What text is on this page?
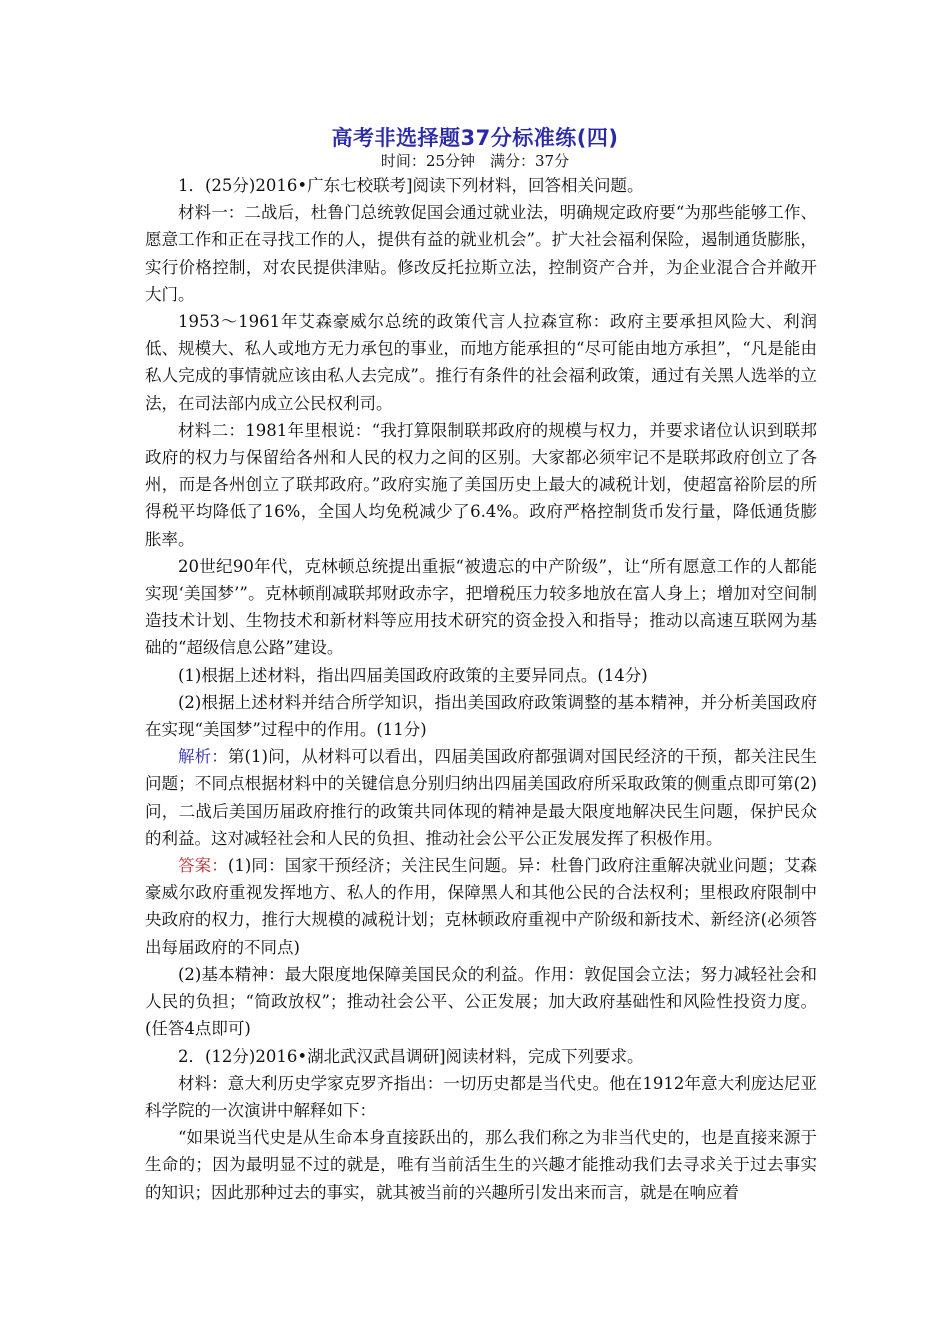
高考非选择题37分标准练(四)
时间：25分钟　满分：37分

1．(25分)2016•广东七校联考]阅读下列材料，回答相关问题。

材料一：二战后，杜鲁门总统敦促国会通过就业法，明确规定政府要“为那些能够工作、愿意工作和正在寻找工作的人，提供有益的就业机会”。扩大社会福利保险，遏制通货膨胀，实行价格控制，对农民提供津贴。修改反托拉斯立法，控制资产合并，为企业混合合并敞开大门。

1953～1961年艾森豪威尔总统的政策代言人拉森宣称：政府主要承担风险大、利润低、规模大、私人或地方无力承包的事业，而地方能承担的“尽可能由地方承担”，“凡是能由私人完成的事情就应该由私人去完成”。推行有条件的社会福利政策，通过有关黑人选举的立法，在司法部内成立公民权利司。

材料二：1981年里根说：“我打算限制联邦政府的规模与权力，并要求诸位认识到联邦政府的权力与保留给各州和人民的权力之间的区别。大家都必须牢记不是联邦政府创立了各州，而是各州创立了联邦政府。”政府实施了美国历史上最大的减税计划，使超富裕阶层的所得税平均降低了16%，全国人均免税减少了6.4%。政府严格控制货币发行量，降低通货膨胀率。

20世纪90年代，克林顿总统提出重振“被遗忘的中产阶级”，让“所有愿意工作的人都能实现‘美国梦’”。克林顿削减联邦财政赤字，把增税压力较多地放在富人身上；增加对空间制造技术计划、生物技术和新材料等应用技术研究的资金投入和指导；推动以高速互联网为基础的“超级信息公路”建设。

(1)根据上述材料，指出四届美国政府政策的主要异同点。(14分)

(2)根据上述材料并结合所学知识，指出美国政府政策调整的基本精神，并分析美国政府在实现“美国梦”过程中的作用。(11分)

解析：第(1)问，从材料可以看出，四届美国政府都强调对国民经济的干预，都关注民生问题；不同点根据材料中的关键信息分别归纳出四届美国政府所采取政策的侧重点即可第(2)问，二战后美国历届政府推行的政策共同体现的精神是最大限度地解决民生问题，保护民众的利益。这对减轻社会和人民的负担、推动社会公平公正发展发挥了积极作用。

答案：(1)同：国家干预经济；关注民生问题。异：杜鲁门政府注重解决就业问题；艾森豪威尔政府重视发挥地方、私人的作用，保障黑人和其他公民的合法权利；里根政府限制中央政府的权力，推行大规模的减税计划；克林顿政府重视中产阶级和新技术、新经济(必须答出每届政府的不同点)

(2)基本精神：最大限度地保障美国民众的利益。作用：敦促国会立法；努力减轻社会和人民的负担；“简政放权”；推动社会公平、公正发展；加大政府基础性和风险性投资力度。(任答4点即可)

2．(12分)2016•湖北武汉武昌调研]阅读材料，完成下列要求。

材料：意大利历史学家克罗齐指出：一切历史都是当代史。他在1912年意大利庞达尼亚科学院的一次演讲中解释如下：

“如果说当代史是从生命本身直接跃出的，那么我们称之为非当代史的，也是直接来源于生命的；因为最明显不过的就是，唯有当前活生生的兴趣才能推动我们去寻求关于过去事实的知识；因此那种过去的事实，就其被当前的兴趣所引发出来而言，就是在响应着
